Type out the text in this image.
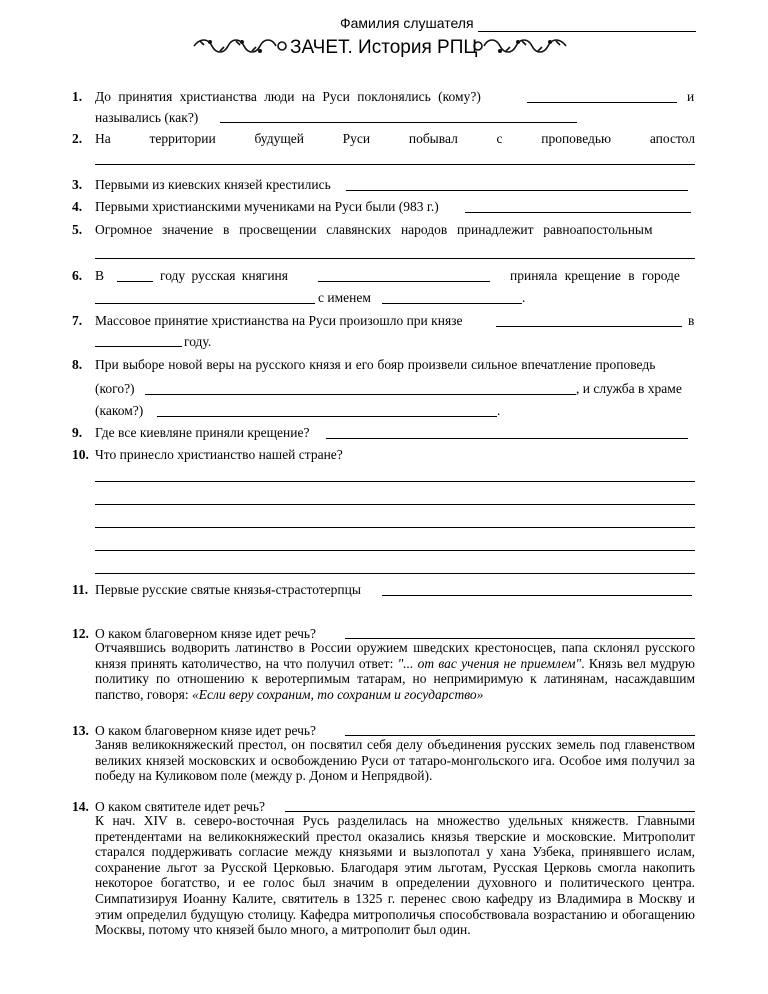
Фамилия слушателя
ЗАЧЕТ. История РПЦ
1. До принятия христианства люди на Руси поклонялись (кому?)	и
назывались (как?)
2. На	территории	будущей	Руси	побывал	с	проповедью	апостол
3. Первыми из киевских князей крестились
4. Первыми христианскими мучениками на Руси были (983 г.)
5. Огромное значение в просвещении славянских народов принадлежит равноапостольным
6. В	году русская княгиня	приняла крещение в городе
с именем	.
7. Массовое принятие христианства на Руси произошло при князе	в
году.
8. При выборе новой веры на русского князя и его бояр произвели сильное впечатление проповедь
(кого?)	, и служба в храме
(каком?)	.
9. Где все киевляне приняли крещение?
10. Что принесло христианство нашей стране?
11. Первые русские святые князья-страстотерпцы
12. О каком благоверном князе идет речь?
Отчаявшись водворить латинство в России оружием шведских крестоносцев, папа склонял русского князя принять католичество, на что получил ответ: "... от вас учения не приемлем". Князь вел мудрую политику по отношению к веротерпимым татарам, но непримиримую к латинянам, насаждавшим папство, говоря: «Если веру сохраним, то сохраним и государство»
13. О каком благоверном князе идет речь?
Заняв великокняжеский престол, он посвятил себя делу объединения русских земель под главенством великих князей московских и освобождению Руси от татаро-монгольского ига. Особое имя получил за победу на Куликовом поле (между р. Доном и Непрядвой).
14. О каком святителе идет речь?
К нач. XIV в. северо-восточная Русь разделилась на множество удельных княжеств. Главными претендентами на великокняжеский престол оказались князья тверские и московские. Митрополит старался поддерживать согласие между князьями и вызлопотал у хана Узбека, принявшего ислам, сохранение льгот за Русской Церковью. Благодаря этим льготам, Русская Церковь смогла накопить некоторое богатство, и ее голос был значим в определении духовного и политического центра. Симпатизируя Иоанну Калите, святитель в 1325 г. перенес свою кафедру из Владимира в Москву и этим определил будущую столицу. Кафедра митрополичья способствовала возрастанию и обогащению Москвы, потому что князей было много, а митрополит был один.
